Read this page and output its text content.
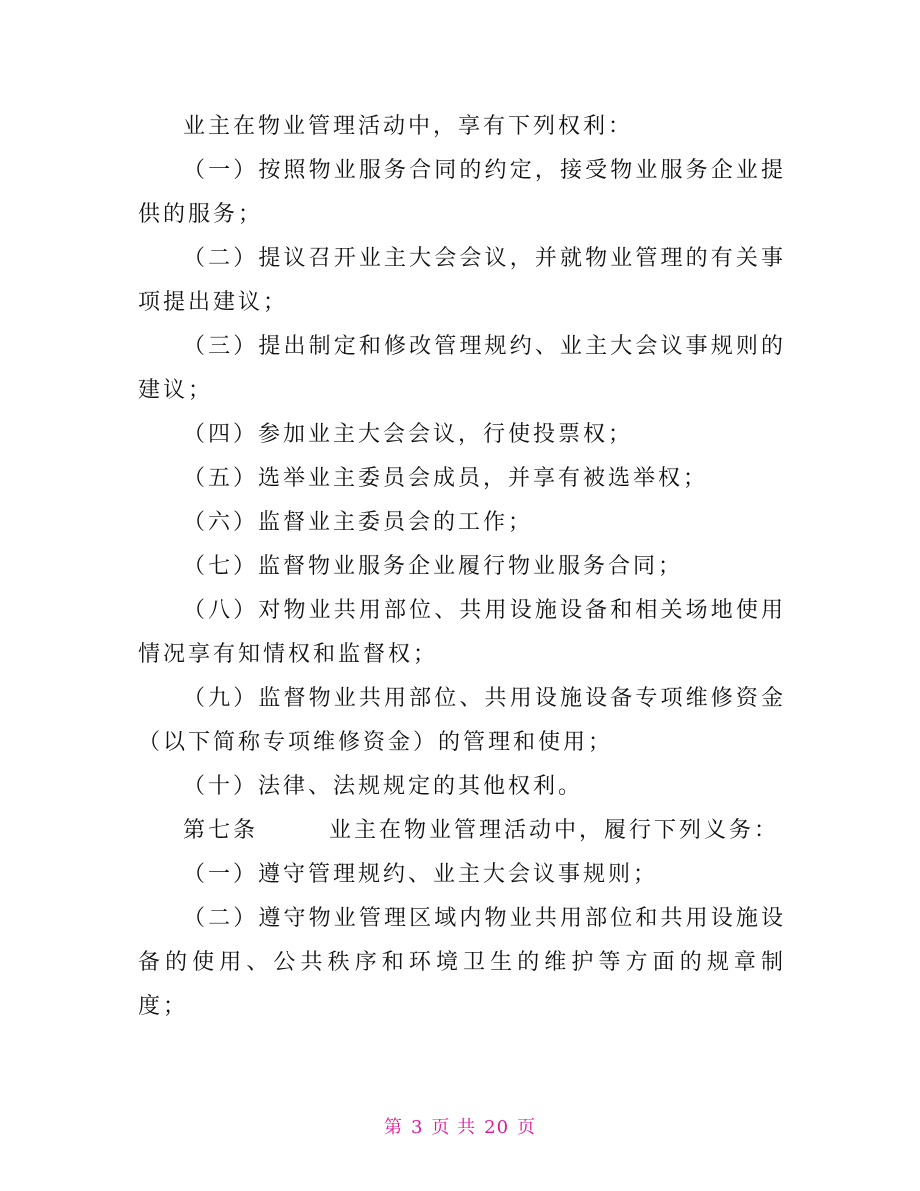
业主在物业管理活动中，享有下列权利：

（一）按照物业服务合同的约定，接受物业服务企业提供的服务；

（二）提议召开业主大会会议，并就物业管理的有关事项提出建议；

（三）提出制定和修改管理规约、业主大会议事规则的建议；

（四）参加业主大会会议，行使投票权；

（五）选举业主委员会成员，并享有被选举权；

（六）监督业主委员会的工作；

（七）监督物业服务企业履行物业服务合同；

（八）对物业共用部位、共用设施设备和相关场地使用情况享有知情权和监督权；

（九）监督物业共用部位、共用设施设备专项维修资金（以下简称专项维修资金）的管理和使用；

（十）法律、法规规定的其他权利。

第七条	业主在物业管理活动中，履行下列义务：

（一）遵守管理规约、业主大会议事规则；

（二）遵守物业管理区域内物业共用部位和共用设施设备的使用、公共秩序和环境卫生的维护等方面的规章制度；

第 3 页 共 20 页
